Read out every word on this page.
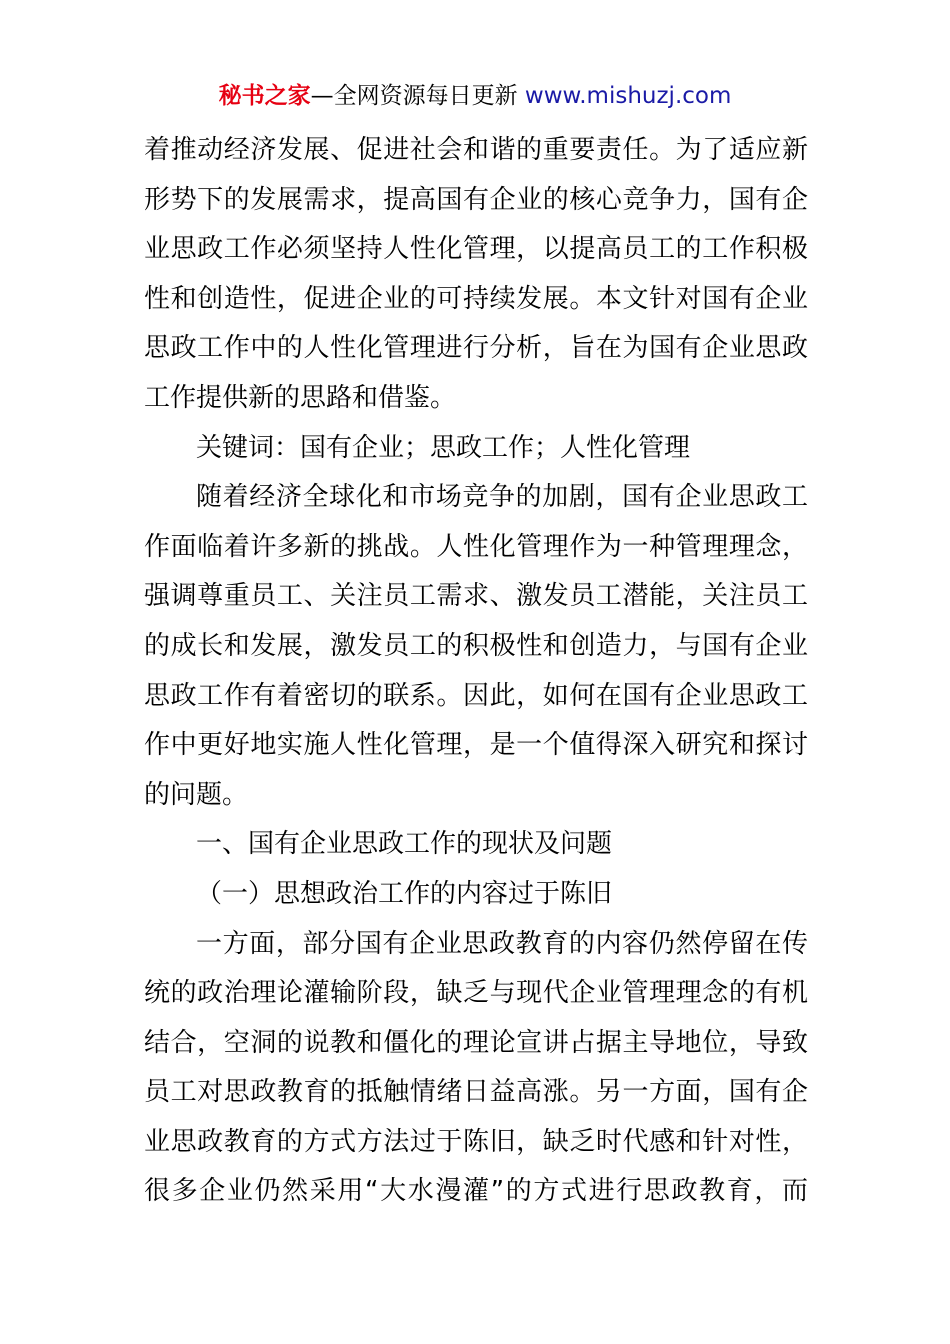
秘书之家—全网资源每日更新 www.mishuzj.com
着推动经济发展、促进社会和谐的重要责任。为了适应新
形势下的发展需求，提高国有企业的核心竞争力，国有企
业思政工作必须坚持人性化管理，以提高员工的工作积极
性和创造性，促进企业的可持续发展。本文针对国有企业
思政工作中的人性化管理进行分析，旨在为国有企业思政
工作提供新的思路和借鉴。
关键词：国有企业；思政工作；人性化管理
随着经济全球化和市场竞争的加剧，国有企业思政工
作面临着许多新的挑战。人性化管理作为一种管理理念，
强调尊重员工、关注员工需求、激发员工潜能，关注员工
的成长和发展，激发员工的积极性和创造力，与国有企业
思政工作有着密切的联系。因此，如何在国有企业思政工
作中更好地实施人性化管理，是一个值得深入研究和探讨
的问题。
一、国有企业思政工作的现状及问题
（一）思想政治工作的内容过于陈旧
一方面，部分国有企业思政教育的内容仍然停留在传
统的政治理论灌输阶段，缺乏与现代企业管理理念的有机
结合，空洞的说教和僵化的理论宣讲占据主导地位，导致
员工对思政教育的抵触情绪日益高涨。另一方面，国有企
业思政教育的方式方法过于陈旧，缺乏时代感和针对性，
很多企业仍然采用“大水漫灌”的方式进行思政教育，而
